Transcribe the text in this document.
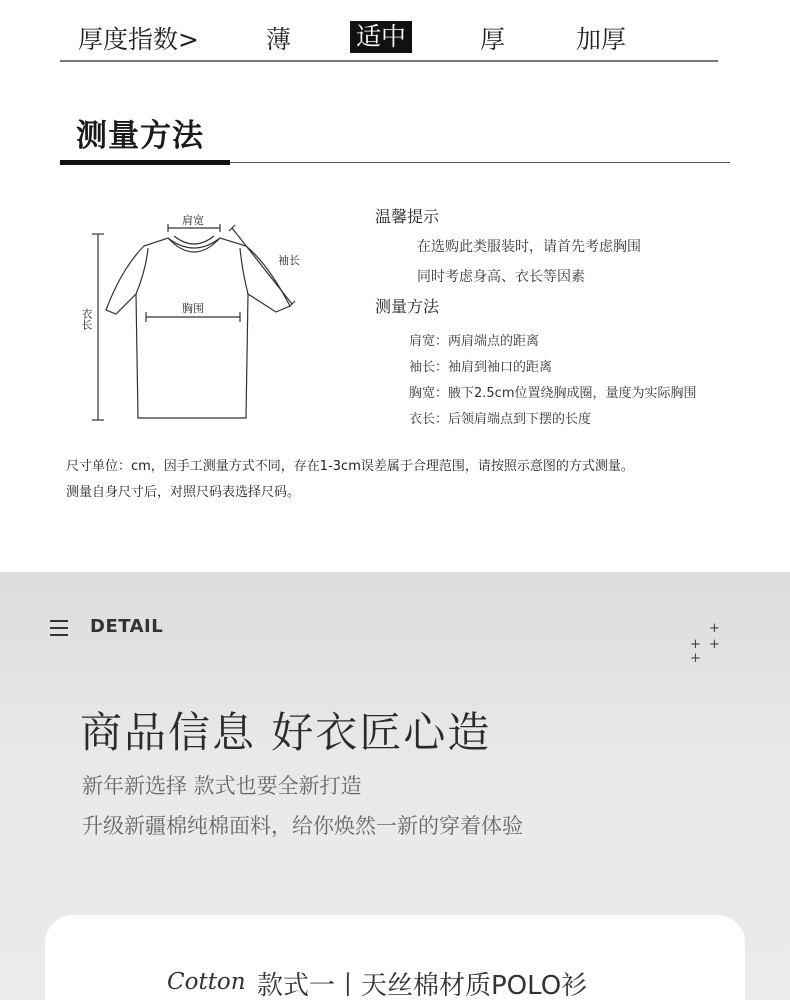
厚度指数>	薄	适中	厚	加厚
测量方法
肩宽
袖长
胸围
衣长
温馨提示
在选购此类服装时，请首先考虑胸围
同时考虑身高、衣长等因素
测量方法
肩宽：两肩端点的距离
袖长：袖肩到袖口的距离
胸宽：腋下2.5cm位置绕胸成圈，量度为实际胸围
衣长：后领肩端点到下摆的长度
尺寸单位：cm，因手工测量方式不同，存在1-3cm误差属于合理范围，请按照示意图的方式测量。
测量自身尺寸后，对照尺码表选择尺码。
DETAIL	+
+ +
+
商品信息 好衣匠心造
新年新选择 款式也要全新打造
升级新疆棉纯棉面料，给你焕然一新的穿着体验
Cotton 款式一丨天丝棉材质POLO衫
